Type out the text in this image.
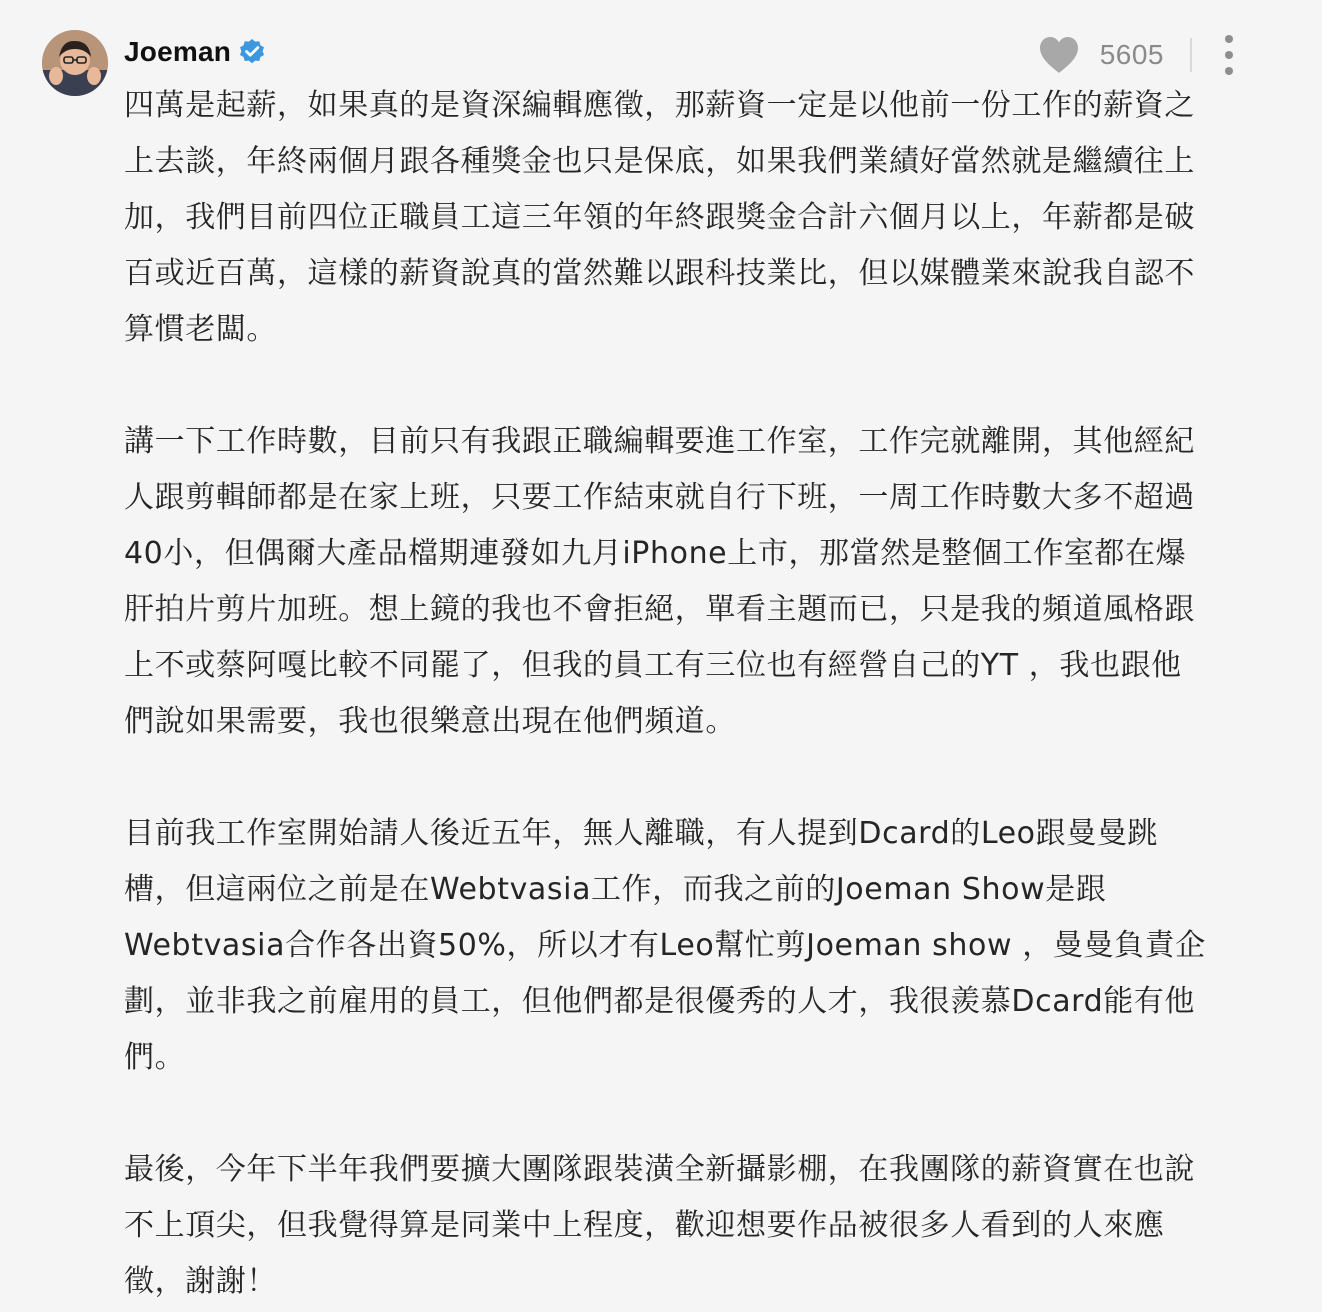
Joeman	5605

四萬是起薪，如果真的是資深編輯應徵，那薪資一定是以他前一份工作的薪資之
上去談，年終兩個月跟各種獎金也只是保底，如果我們業績好當然就是繼續往上
加，我們目前四位正職員工這三年領的年終跟獎金合計六個月以上，年薪都是破
百或近百萬，這樣的薪資說真的當然難以跟科技業比，但以媒體業來說我自認不
算慣老闆。

講一下工作時數，目前只有我跟正職編輯要進工作室，工作完就離開，其他經紀
人跟剪輯師都是在家上班，只要工作結束就自行下班，一周工作時數大多不超過
40小，但偶爾大產品檔期連發如九月iPhone上市，那當然是整個工作室都在爆
肝拍片剪片加班。想上鏡的我也不會拒絕，單看主題而已，只是我的頻道風格跟
上不或蔡阿嘎比較不同罷了，但我的員工有三位也有經營自己的YT ，我也跟他
們說如果需要，我也很樂意出現在他們頻道。

目前我工作室開始請人後近五年，無人離職，有人提到Dcard的Leo跟曼曼跳
槽，但這兩位之前是在Webtvasia工作，而我之前的Joeman Show是跟
Webtvasia合作各出資50%，所以才有Leo幫忙剪Joeman show ，曼曼負責企
劃，並非我之前雇用的員工，但他們都是很優秀的人才，我很羨慕Dcard能有他
們。

最後，今年下半年我們要擴大團隊跟裝潢全新攝影棚，在我團隊的薪資實在也說
不上頂尖，但我覺得算是同業中上程度，歡迎想要作品被很多人看到的人來應
徵，謝謝！
